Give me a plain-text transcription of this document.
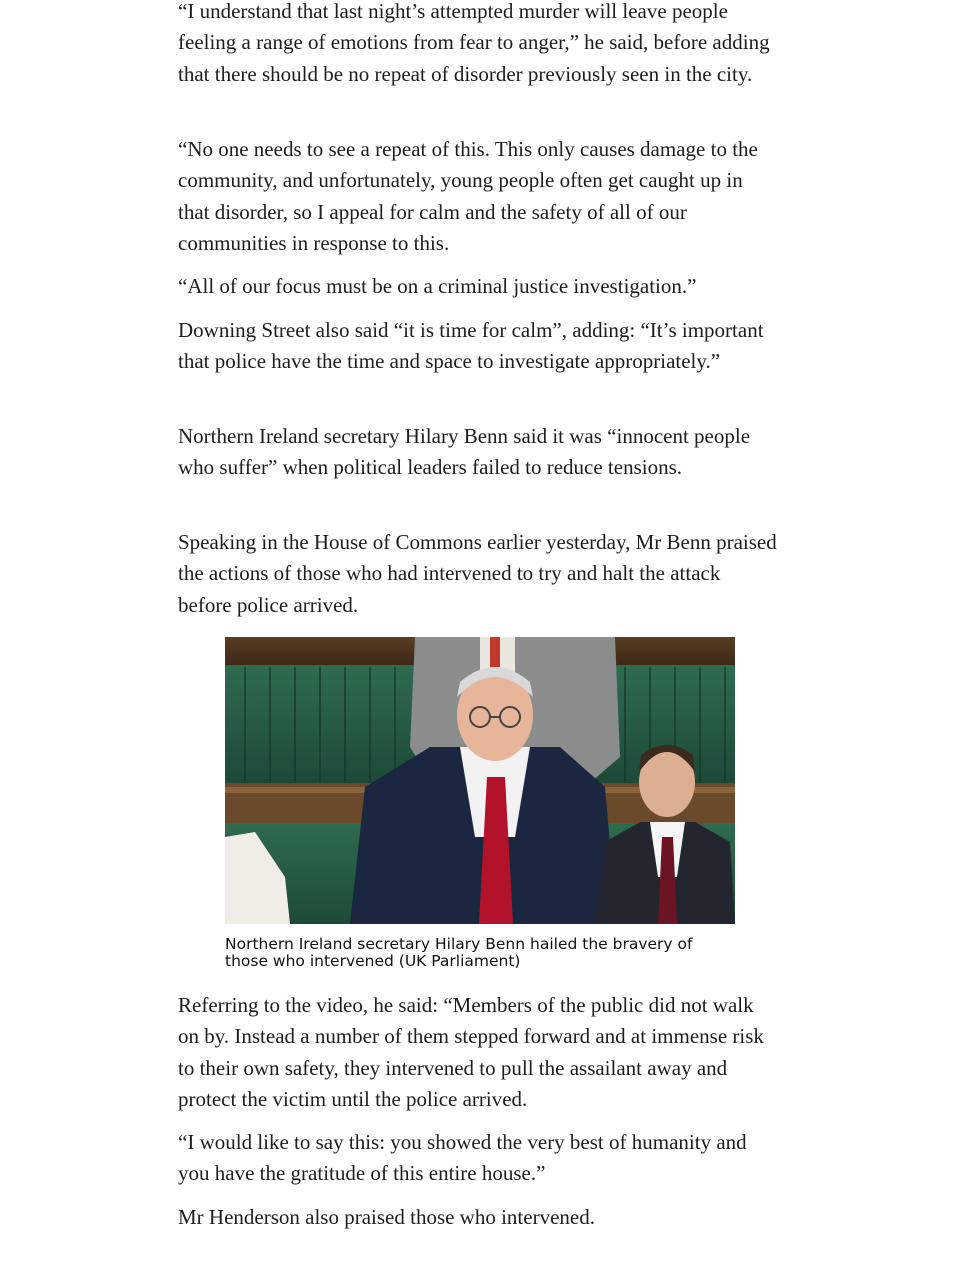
“I understand that last night’s attempted murder will leave people feeling a range of emotions from fear to anger,” he said, before adding that there should be no repeat of disorder previously seen in the city.

“No one needs to see a repeat of this. This only causes damage to the community, and unfortunately, young people often get caught up in that disorder, so I appeal for calm and the safety of all of our communities in response to this.

“All of our focus must be on a criminal justice investigation.”

Downing Street also said “it is time for calm”, adding: “It’s important that police have the time and space to investigate appropriately.”

Northern Ireland secretary Hilary Benn said it was “innocent people who suffer” when political leaders failed to reduce tensions.

Speaking in the House of Commons earlier yesterday, Mr Benn praised the actions of those who had intervened to try and halt the attack before police arrived.

Referring to the video, he said: “Members of the public did not walk on by. Instead a number of them stepped forward and at immense risk to their own safety, they intervened to pull the assailant away and protect the victim until the police arrived.

“I would like to say this: you showed the very best of humanity and you have the gratitude of this entire house.”

Mr Henderson also praised those who intervened.

Northern Ireland secretary Hilary Benn hailed the bravery of those who intervened (UK Parliament)
